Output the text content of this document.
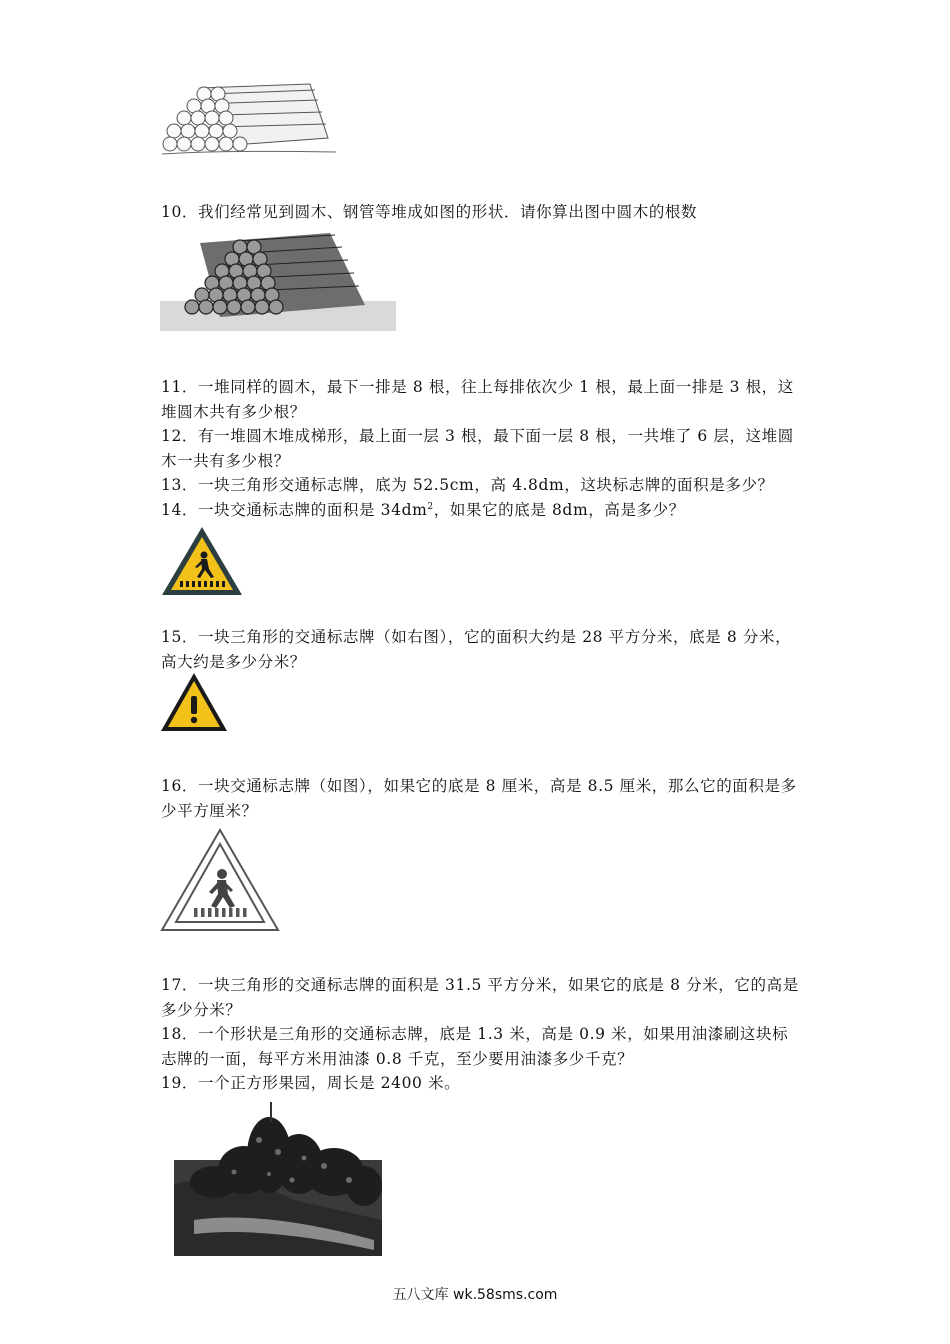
10．我们经常见到圆木、钢管等堆成如图的形状．请你算出图中圆木的根数

11．一堆同样的圆木，最下一排是 8 根，往上每排依次少 1 根，最上面一排是 3 根，这堆圆木共有多少根？

12．有一堆圆木堆成梯形，最上面一层 3 根，最下面一层 8 根，一共堆了 6 层，这堆圆木一共有多少根？

13．一块三角形交通标志牌，底为 52.5cm，高 4.8dm，这块标志牌的面积是多少？

14．一块交通标志牌的面积是 $34dm^2$，如果它的底是 8dm，高是多少？

15．一块三角形的交通标志牌（如右图），它的面积大约是 28 平方分米，底是 8 分米，高大约是多少分米？

16．一块交通标志牌（如图），如果它的底是 8 厘米，高是 8.5 厘米，那么它的面积是多少平方厘米？

17．一块三角形的交通标志牌的面积是 31.5 平方分米，如果它的底是 8 分米，它的高是多少分米？

18．一个形状是三角形的交通标志牌，底是 1.3 米，高是 0.9 米，如果用油漆刷这块标志牌的一面，每平方米用油漆 0.8 千克，至少要用油漆多少千克？

19．一个正方形果园，周长是 2400 米。

五八文库 wk.58sms.com
